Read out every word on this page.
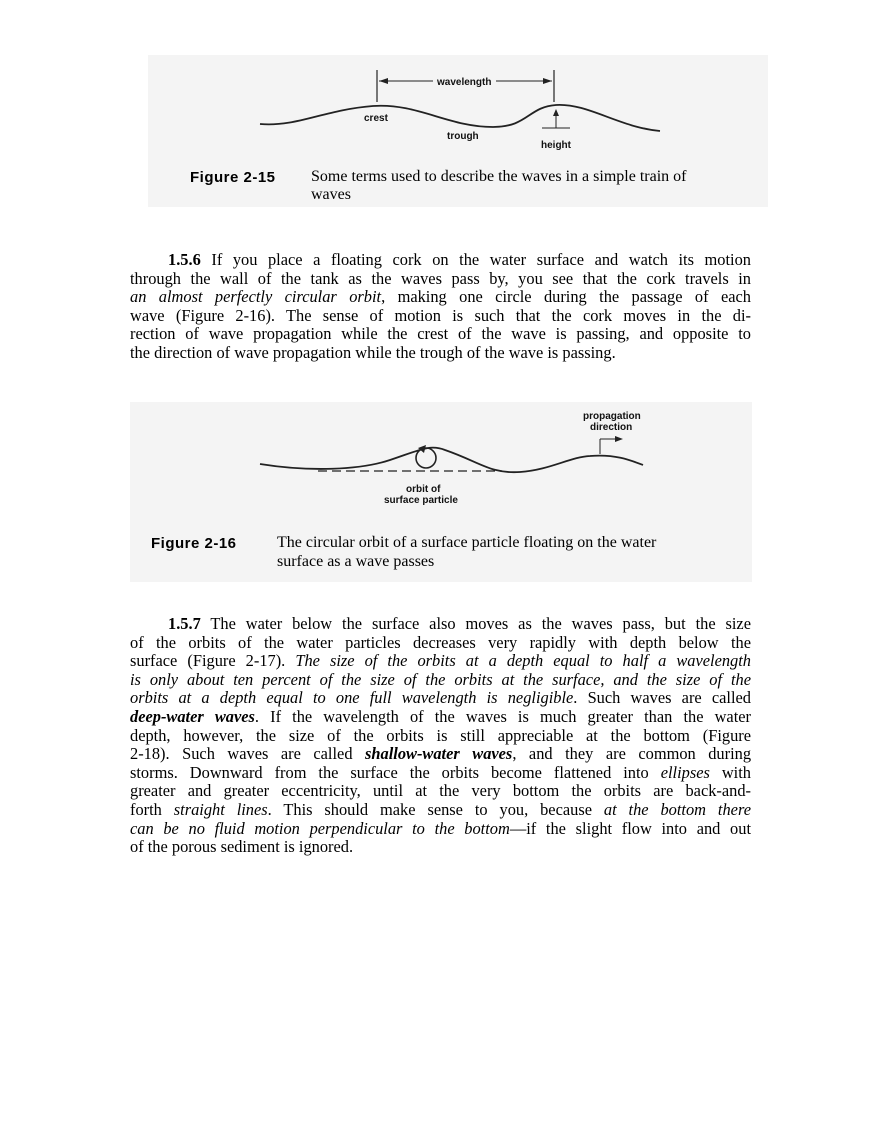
wavelength
crest
trough
height
Figure 2-15 Some terms used to describe the waves in a simple train of
waves
1.5.6 If you place a floating cork on the water surface and watch its motion
through the wall of the tank as the waves pass by, you see that the cork travels in
an almost perfectly circular orbit, making one circle during the passage of each
wave (Figure 2-16). The sense of motion is such that the cork moves in the di-
rection of wave propagation while the crest of the wave is passing, and opposite to
the direction of wave propagation while the trough of the wave is passing.
propagation
direction
orbit of
surface particle
Figure 2-16	The circular orbit of a surface particle floating on the water
surface as a wave passes
1.5.7 The water below the surface also moves as the waves pass, but the size
of the orbits of the water particles decreases very rapidly with depth below the
surface (Figure 2-17). The size of the orbits at a depth equal to half a wavelength
is only about ten percent of the size of the orbits at the surface, and the size of the
orbits at a depth equal to one full wavelength is negligible. Such waves are called
deep-water waves. If the wavelength of the waves is much greater than the water
depth, however, the size of the orbits is still appreciable at the bottom (Figure
2-18). Such waves are called shallow-water waves, and they are common during
storms. Downward from the surface the orbits become flattened into ellipses with
greater and greater eccentricity, until at the very bottom the orbits are back-and-
forth straight lines. This should make sense to you, because at the bottom there
can be no fluid motion perpendicular to the bottom—if the slight flow into and out
of the porous sediment is ignored.
